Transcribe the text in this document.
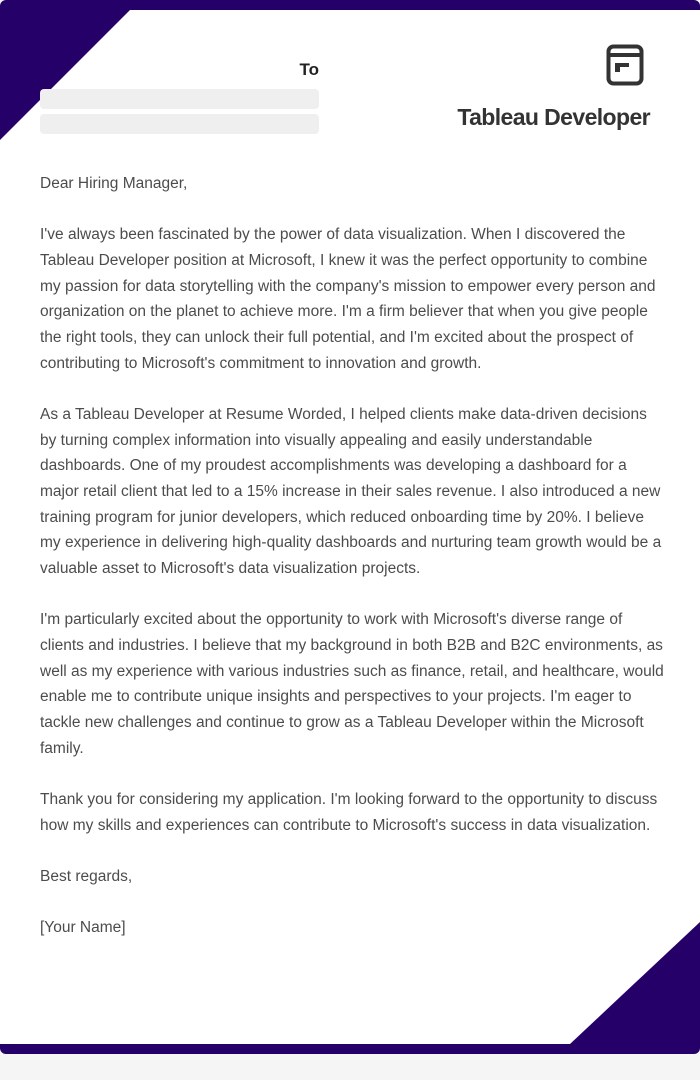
To
Tableau Developer

Dear Hiring Manager,

I've always been fascinated by the power of data visualization. When I discovered the Tableau Developer position at Microsoft, I knew it was the perfect opportunity to combine my passion for data storytelling with the company's mission to empower every person and organization on the planet to achieve more. I'm a firm believer that when you give people the right tools, they can unlock their full potential, and I'm excited about the prospect of contributing to Microsoft's commitment to innovation and growth.

As a Tableau Developer at Resume Worded, I helped clients make data-driven decisions by turning complex information into visually appealing and easily understandable dashboards. One of my proudest accomplishments was developing a dashboard for a major retail client that led to a 15% increase in their sales revenue. I also introduced a new training program for junior developers, which reduced onboarding time by 20%. I believe my experience in delivering high-quality dashboards and nurturing team growth would be a valuable asset to Microsoft's data visualization projects.

I'm particularly excited about the opportunity to work with Microsoft's diverse range of clients and industries. I believe that my background in both B2B and B2C environments, as well as my experience with various industries such as finance, retail, and healthcare, would enable me to contribute unique insights and perspectives to your projects. I'm eager to tackle new challenges and continue to grow as a Tableau Developer within the Microsoft family.

Thank you for considering my application. I'm looking forward to the opportunity to discuss how my skills and experiences can contribute to Microsoft's success in data visualization.

Best regards,

[Your Name]
